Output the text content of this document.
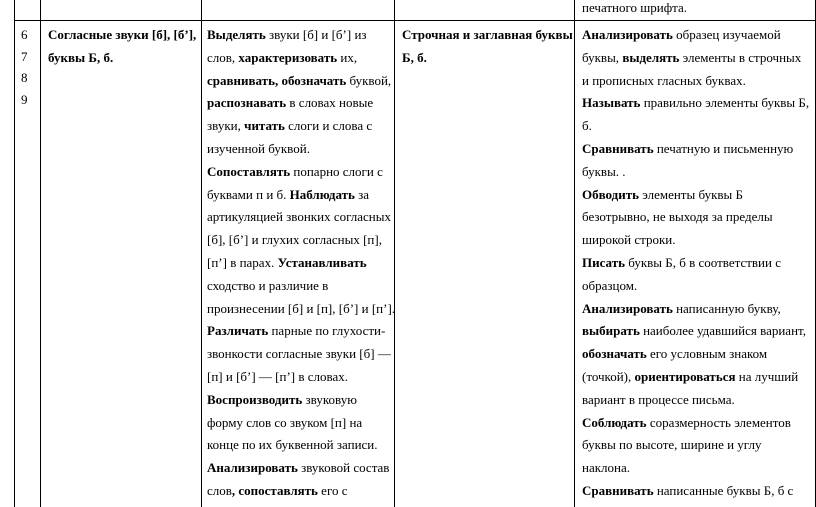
печатного шрифта.
6
7
8
9
Согласные звуки [б], [б’],
буквы Б, б.
Выделять звуки [б] и [б’] из
слов, характеризовать их,
сравнивать, обозначать буквой,
распознавать в словах новые
звуки, читать слоги и слова с
изученной буквой.
Сопоставлять попарно слоги с
буквами п и б. Наблюдать за
артикуляцией звонких согласных
[б], [б’] и глухих согласных [п],
[п’] в парах. Устанавливать
сходство и различие в
произнесении [б] и [п], [б’] и [п’].
Различать парные по глухости-
звонкости согласные звуки [б] —
[п] и [б’] — [п’] в словах.
Воспроизводить звуковую
форму слов со звуком [п] на
конце по их буквенной записи.
Анализировать звуковой состав
слов, сопоставлять его с
Строчная и заглавная буквы
Б, б.
Анализировать образец изучаемой
буквы, выделять элементы в строчных
и прописных гласных буквах.
Называть правильно элементы буквы Б,
б.
Сравнивать печатную и письменную
буквы. .
Обводить элементы буквы Б
безотрывно, не выходя за пределы
широкой строки.
Писать буквы Б, б в соответствии с
образцом.
Анализировать написанную букву,
выбирать наиболее удавшийся вариант,
обозначать его условным знаком
(точкой), ориентироваться на лучший
вариант в процессе письма.
Соблюдать соразмерность элементов
буквы по высоте, ширине и углу
наклона.
Сравнивать написанные буквы Б, б с
